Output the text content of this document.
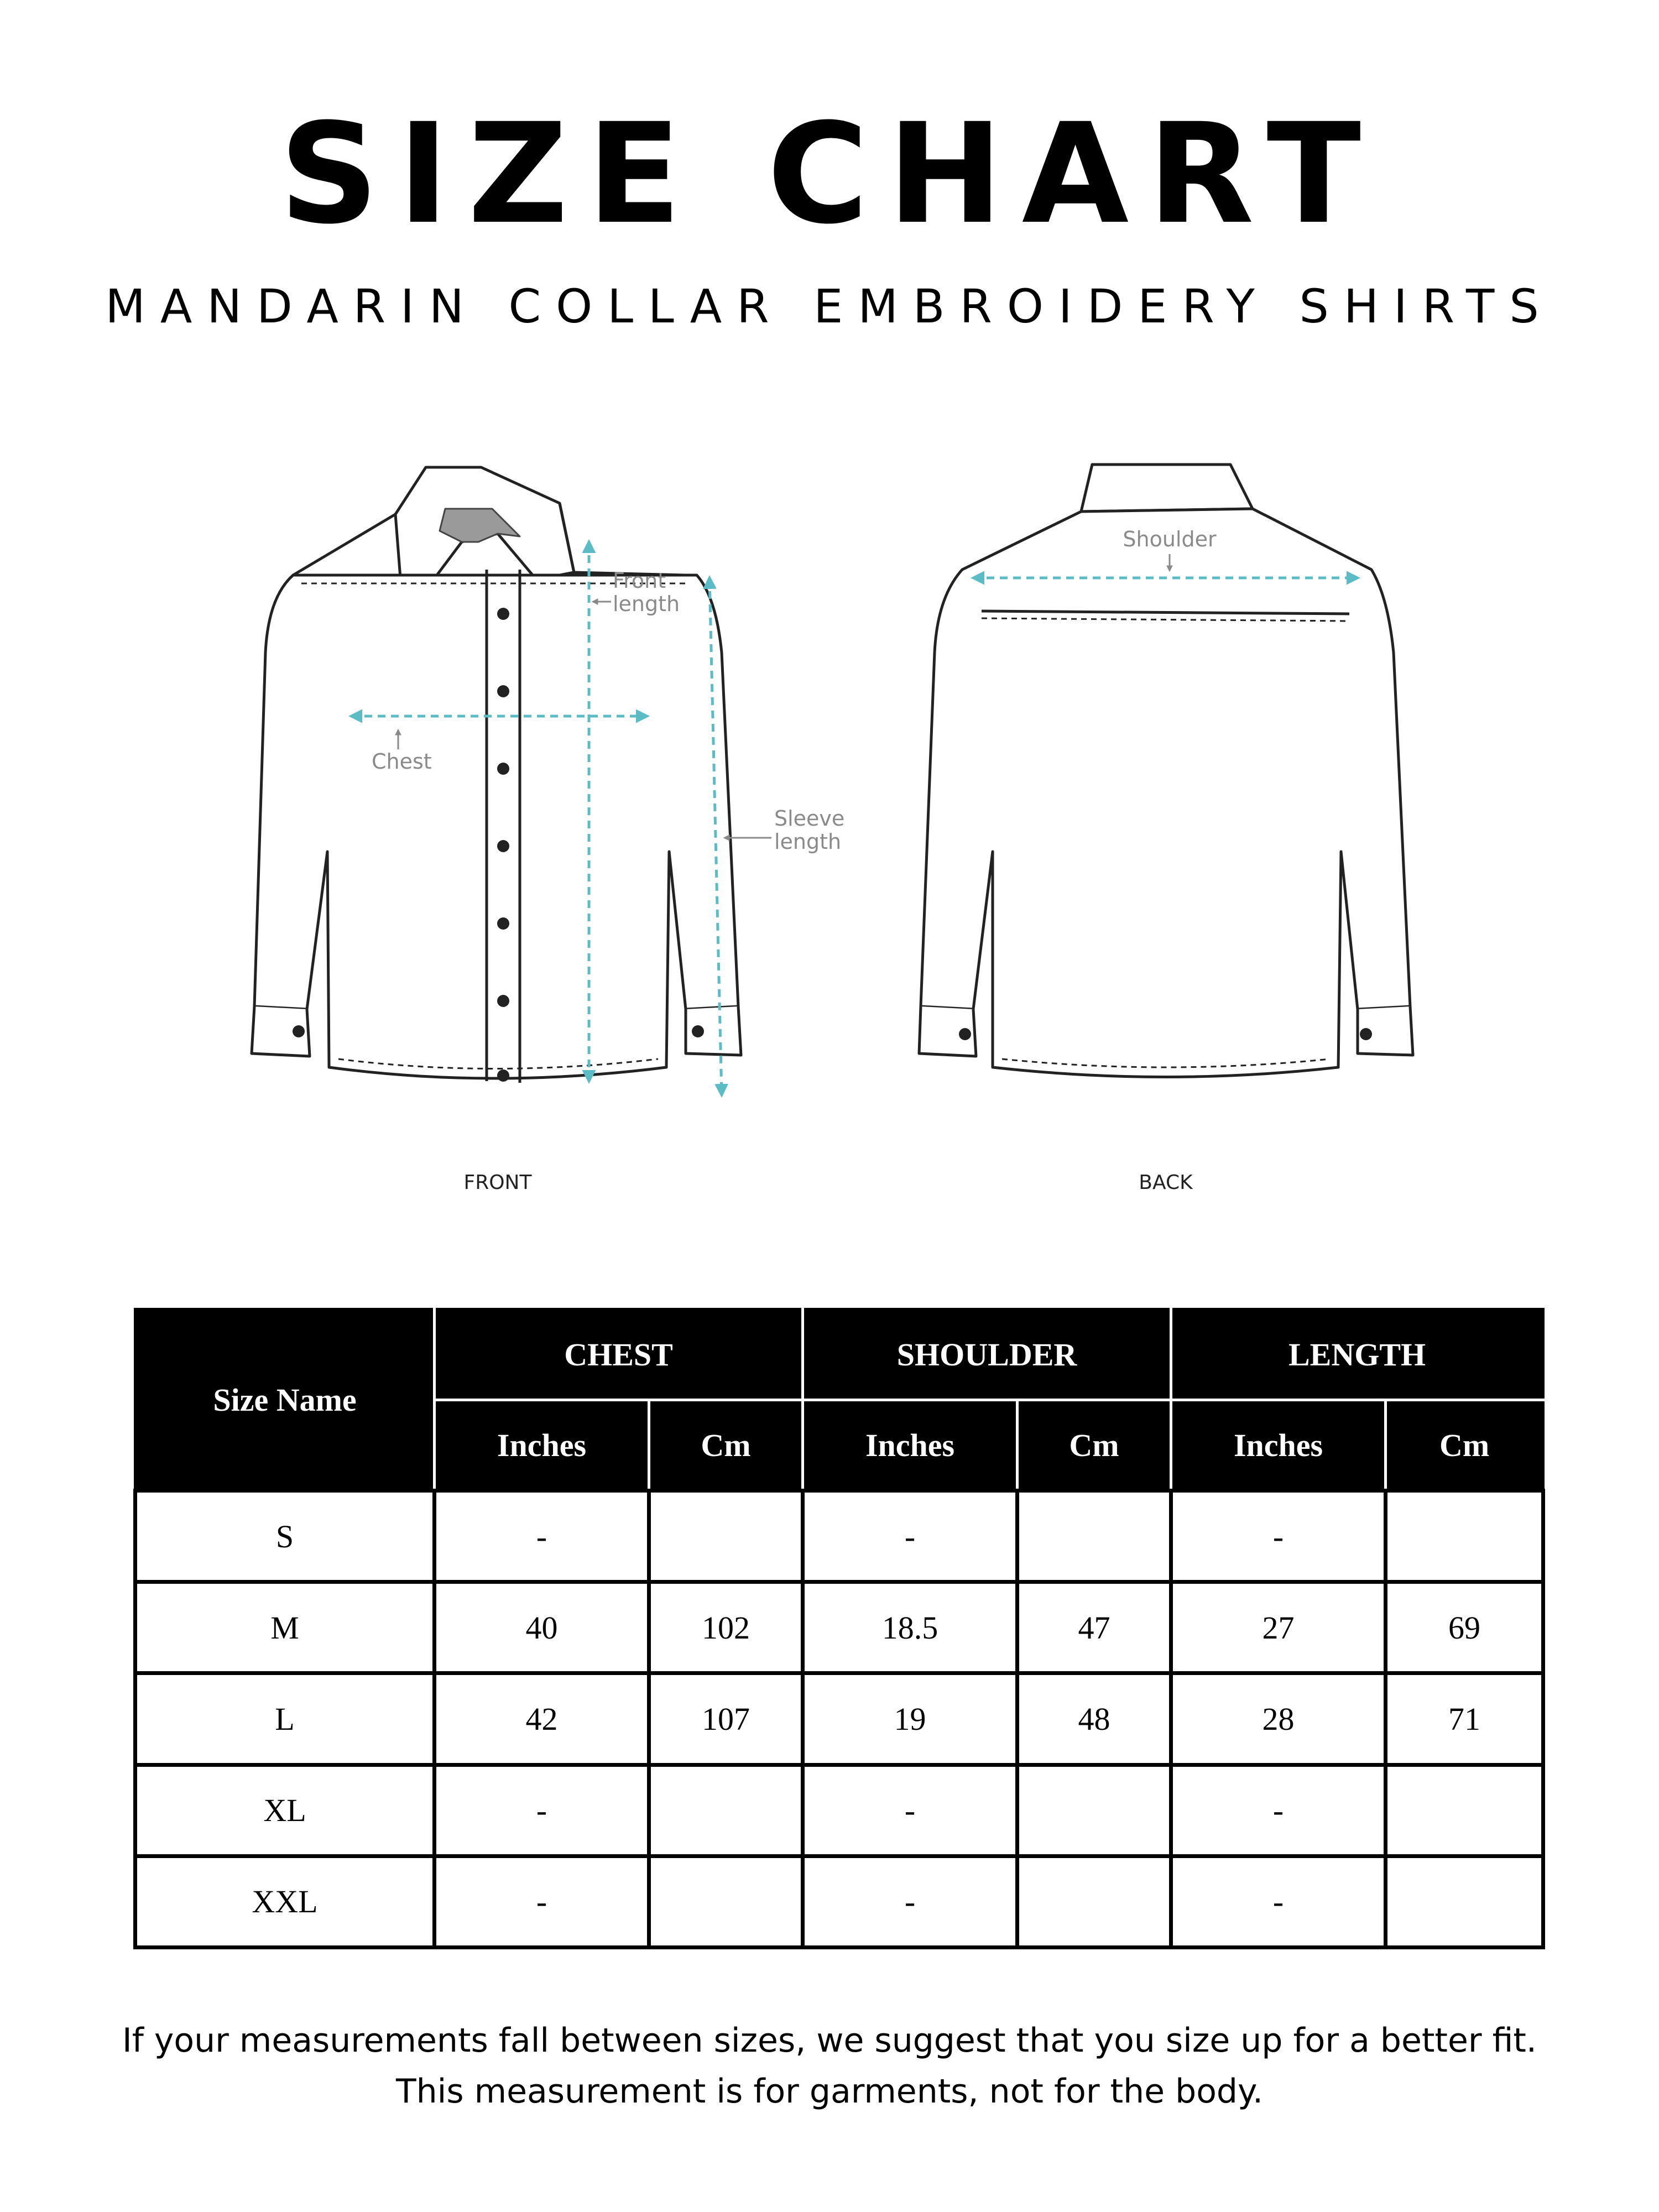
SIZE CHART
MANDARIN COLLAR EMBROIDERY SHIRTS
Front
length
Chest
Sleeve
length
FRONT
Shoulder
BACK
Size Name	CHEST		SHOULDER		LENGTH	
	Inches	Cm	Inches	Cm	Inches	Cm
S	-		-		-	
M	40	102	18.5	47	27	69
L	42	107	19	48	28	71
XL	-		-		-	
XXL	-		-		-	
If your measurements fall between sizes, we suggest that you size up for a better fit.
This measurement is for garments, not for the body.
